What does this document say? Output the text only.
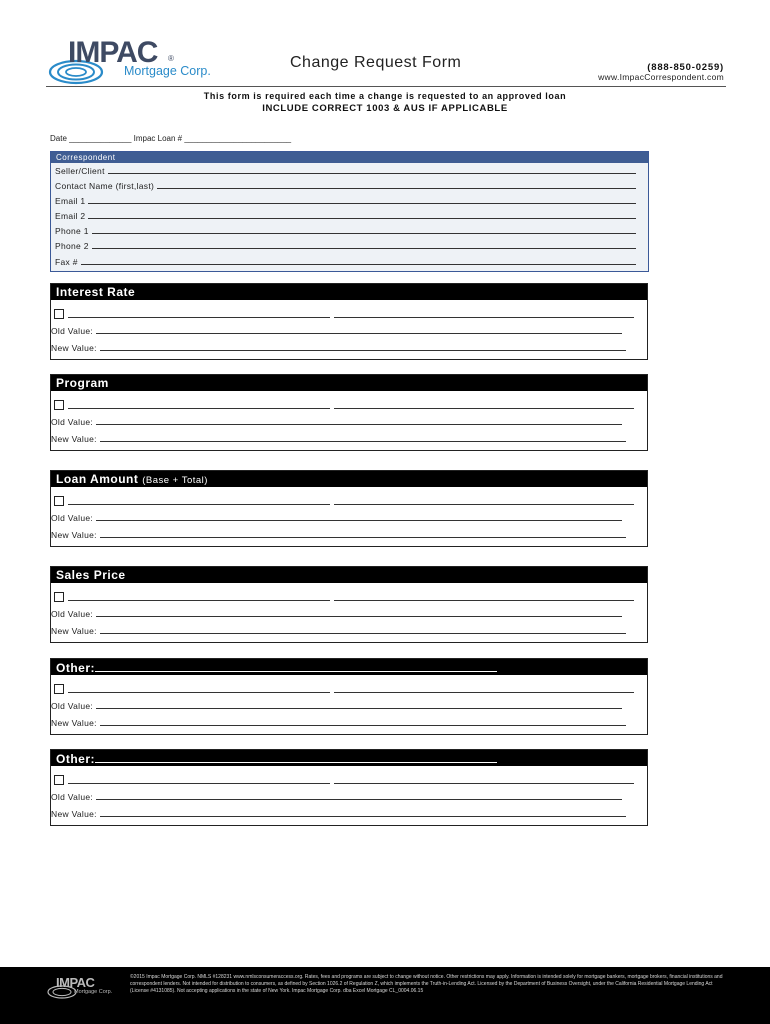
IMPAC ®
Mortgage Corp.	Change Request Form	(888-850-0259)
www.ImpacCorrespondent.com
This form is required each time a change is requested to an approved loan
INCLUDE CORRECT 1003 & AUS IF APPLICABLE
Date ______________ Impac Loan # ________________________
Correspondent
Seller/Client
Contact Name (first,last)
Email 1
Email 2
Phone 1
Phone 2
Fax #
Interest Rate
Old Value:
New Value:
Program
Old Value:
New Value:
Loan Amount (Base + Total)
Old Value:
New Value:
Sales Price
Old Value:
New Value:
Other:
Old Value:
New Value:
Other:
Old Value:
New Value:
IMPAC
Mortgage Corp.
©2015 Impac Mortgage Corp. NMLS #128231 www.nmlsconsumeraccess.org. Rates, fees and programs are subject to change without notice. Other restrictions may apply. Information is intended solely for mortgage bankers, mortgage brokers, financial institutions and correspondent lenders. Not intended for distribution to consumers, as defined by Section 1026.2 of Regulation Z, which implements the Truth-in-Lending Act. Licensed by the Department of Business Oversight, under the California Residential Mortgage Lending Act (License #4131085). Not accepting applications in the state of New York. Impac Mortgage Corp. dba Excel Mortgage CL_0004.06.15
